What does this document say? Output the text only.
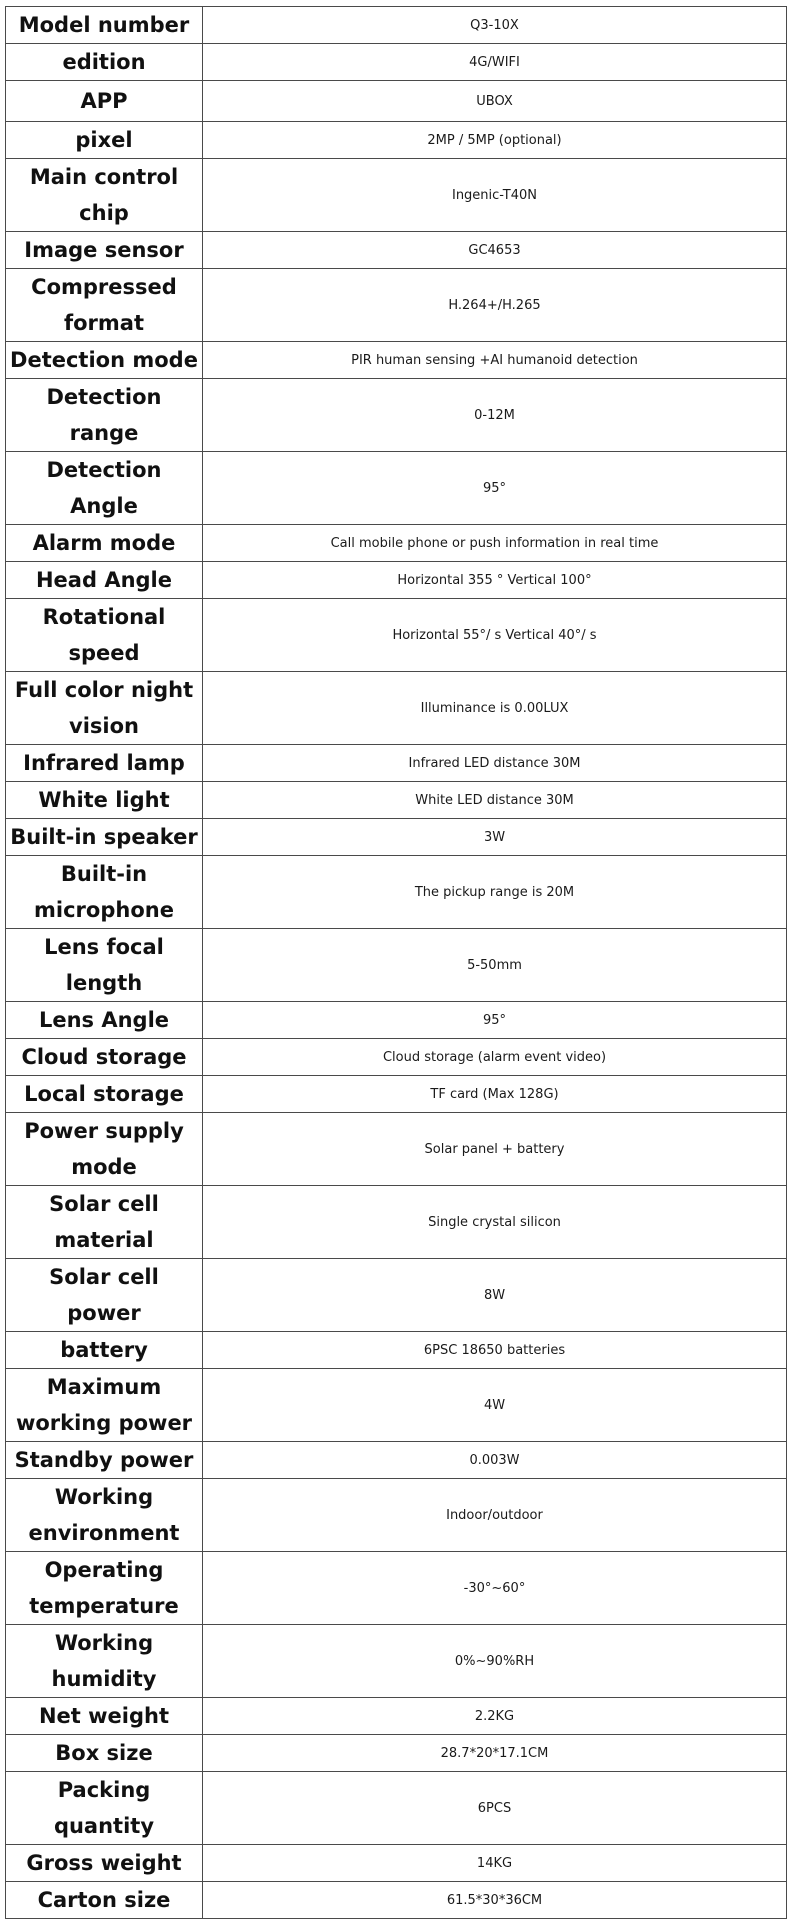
Model number	Q3-10X
edition	4G/WIFI
APP	UBOX
pixel	2MP / 5MP (optional)
Main control chip	Ingenic-T40N
Image sensor	GC4653
Compressed format	H.264+/H.265
Detection mode	PIR human sensing +AI humanoid detection
Detection range	0-12M
Detection Angle	95°
Alarm mode	Call mobile phone or push information in real time
Head Angle	Horizontal 355 ° Vertical 100°
Rotational speed	Horizontal 55°/ s Vertical 40°/ s
Full color night vision	Illuminance is 0.00LUX
Infrared lamp	Infrared LED distance 30M
White light	White LED distance 30M
Built-in speaker	3W
Built-in microphone	The pickup range is 20M
Lens focal length	5-50mm
Lens Angle	95°
Cloud storage	Cloud storage (alarm event video)
Local storage	TF card (Max 128G)
Power supply mode	Solar panel + battery
Solar cell material	Single crystal silicon
Solar cell power	8W
battery	6PSC 18650 batteries
Maximum working power	4W
Standby power	0.003W
Working environment	Indoor/outdoor
Operating temperature	-30°~60°
Working humidity	0%~90%RH
Net weight	2.2KG
Box size	28.7*20*17.1CM
Packing quantity	6PCS
Gross weight	14KG
Carton size	61.5*30*36CM
